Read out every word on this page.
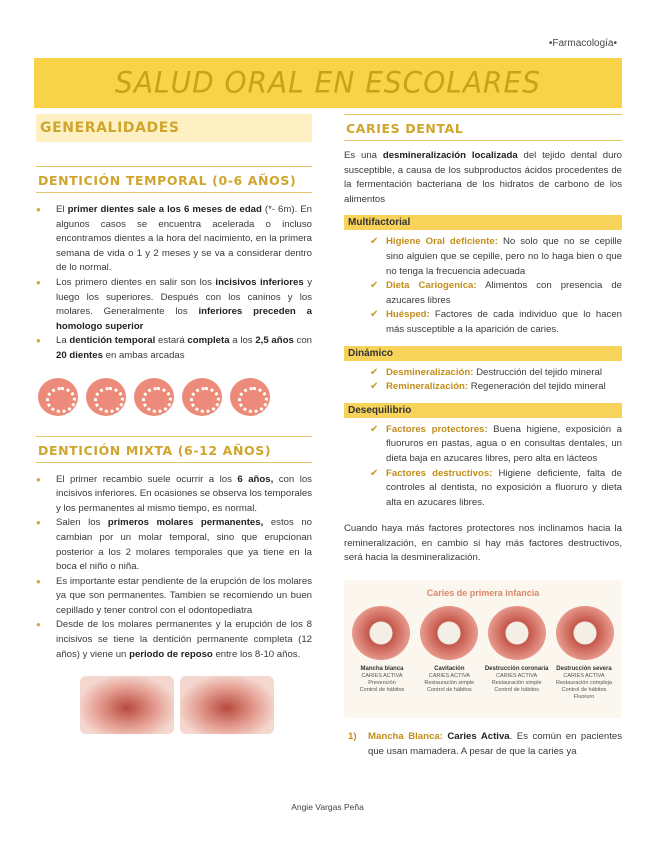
•Farmacología•
SALUD ORAL EN ESCOLARES
GENERALIDADES
DENTICIÓN TEMPORAL (0-6 AÑOS)
● El primer dientes sale a los 6 meses de edad (*- 6m). En algunos casos se encuentra acelerada o incluso encontramos dientes a la hora del nacimiento, en la primera semana de vida o 1 y 2 meses y se va a considerar dentro de lo normal.
● Los primero dientes en salir son los incisivos inferiores y luego los superiores. Después con los caninos y los molares. Generalmente los inferiores preceden a homologo superior
● La dentición temporal estará completa a los 2,5 años con 20 dientes en ambas arcadas
DENTICIÓN MIXTA (6-12 AÑOS)
● El primer recambio suele ocurrir a los 6 años, con los incisivos inferiores. En ocasiones se observa los temporales y los permanentes al mismo tiempo, es normal.
● Salen los primeros molares permanentes, estos no cambian por un molar temporal, sino que erupcionan posterior a los 2 molares temporales que ya tiene en la boca el niño o niña.
● Es importante estar pendiente de la erupción de los molares ya que son permanentes. Tambien se recomiendo un buen cepillado y tener control con el odontopediatra
● Desde de los molares permanentes y la erupción de los 8 incisivos se tiene la dentición permanente completa (12 años) y viene un periodo de reposo entre los 8-10 años.
CARIES DENTAL

Es una desmineralización localizada del tejido dental duro susceptible, a causa de los subproductos ácidos procedentes de la fermentación bacteriana de los hidratos de carbono de los alimentos

Multifactorial
✔ Higiene Oral deficiente: No solo que no se cepille sino alguien que se cepille, pero no lo haga bien o que no tenga la frecuencia adecuada
✔ Dieta Cariogenica: Alimentos con presencia de azucares libres
✔ Huésped: Factores de cada individuo que lo hacen más susceptible a la aparición de caries.
Dinámico
✔ Desmineralización: Destrucción del tejido mineral
✔ Remineralización: Regeneración del tejido mineral
Desequilibrio
✔ Factores protectores: Buena higiene, exposición a fluoruros en pastas, agua o en consultas dentales, un dieta baja en azucares libres, pero alta en lácteos
✔ Factores destructivos: Higiene deficiente, falta de controles al dentista, no exposición a fluoruro y dieta alta en azucares libres.

Cuando haya más factores protectores nos inclinamos hacia la remineralización, en cambio si hay más factores destructivos, será hacia la desmineralización.

Caries de primera infancia
Mancha blanca
CARIES ACTIVA
Prevención
Control de hábitos
Cavitación
CARIES ACTIVA
Restauración simple
Control de hábitos
Destrucción coronaria
CARIES ACTIVA
Restauración simple
Control de hábitos
Destrucción severa
CARIES ACTIVA
Restauración compleja
Control de hábitos
Fluoruro
1) Mancha Blanca: Caries Activa. Es común en pacientes que usan mamadera. A pesar de que la caries ya
Angie Vargas Peña
